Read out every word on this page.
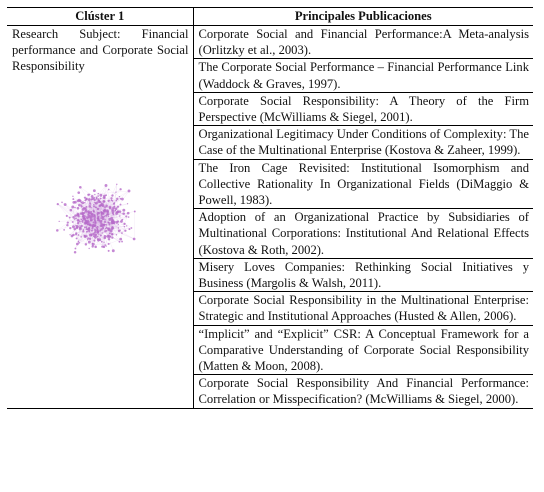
Clúster 1	Principales Publicaciones

Research Subject: Financial performance and Corporate Social Responsibility	Corporate Social and Financial Performance:A Meta-analysis (Orlitzky et al., 2003).
	The Corporate Social Performance – Financial Performance Link (Waddock & Graves, 1997).
	Corporate Social Responsibility: A Theory of the Firm Perspective (McWilliams & Siegel, 2001).
	Organizational Legitimacy Under Conditions of Complexity: The Case of the Multinational Enterprise (Kostova & Zaheer, 1999).
	The Iron Cage Revisited: Institutional Isomorphism and Collective Rationality In Organizational Fields (DiMaggio & Powell, 1983).
	Adoption of an Organizational Practice by Subsidiaries of Multinational Corporations: Institutional And Relational Effects (Kostova & Roth, 2002).
	Misery Loves Companies: Rethinking Social Initiatives y Business (Margolis & Walsh, 2011).
	Corporate Social Responsibility in the Multinational Enterprise: Strategic and Institutional Approaches (Husted & Allen, 2006).
	“Implicit” and “Explicit” CSR: A Conceptual Framework for a Comparative Understanding of Corporate Social Responsibility (Matten & Moon, 2008).
	Corporate Social Responsibility And Financial Performance: Correlation or Misspecification? (McWilliams & Siegel, 2000).
